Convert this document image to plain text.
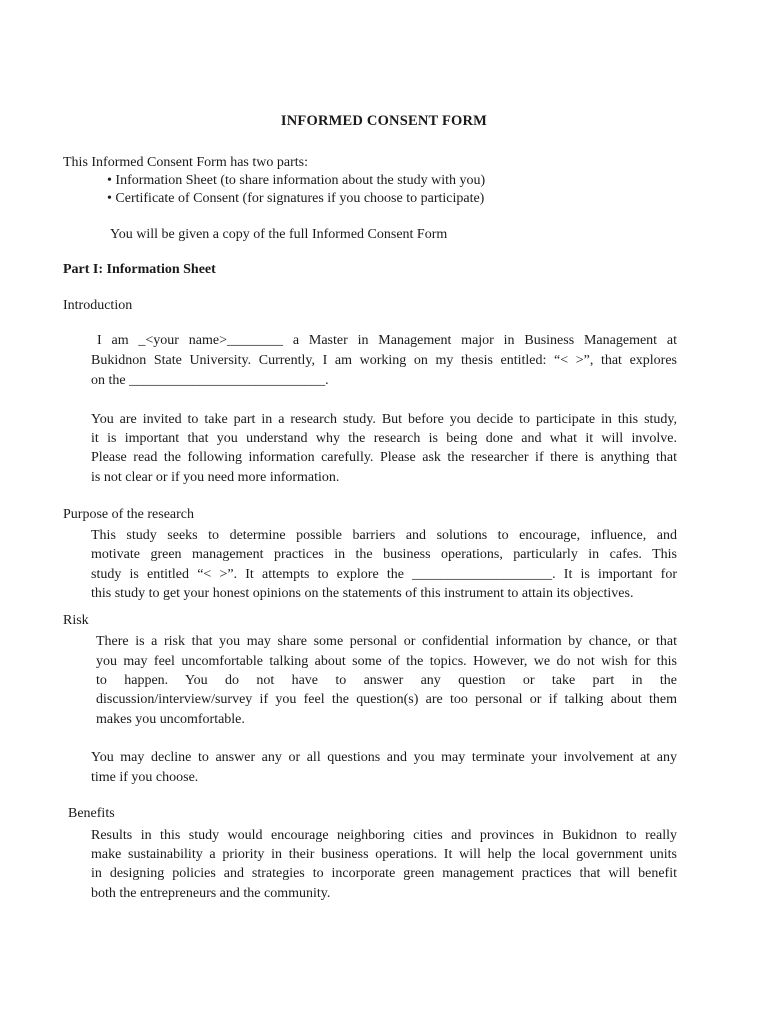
INFORMED CONSENT FORM
This Informed Consent Form has two parts:
• Information Sheet (to share information about the study with you)
• Certificate of Consent (for signatures if you choose to participate)
You will be given a copy of the full Informed Consent Form
Part I: Information Sheet
Introduction
I am _<your name>________ a Master in Management major in Business Management at
Bukidnon State University. Currently, I am working on my thesis entitled: “< >”, that explores
on the ____________________________.
You are invited to take part in a research study. But before you decide to participate in this study,
it is important that you understand why the research is being done and what it will involve.
Please read the following information carefully. Please ask the researcher if there is anything that
is not clear or if you need more information.
Purpose of the research
This study seeks to determine possible barriers and solutions to encourage, influence, and
motivate green management practices in the business operations, particularly in cafes. This
study is entitled “< >”. It attempts to explore the ____________________. It is important for
this study to get your honest opinions on the statements of this instrument to attain its objectives.
Risk
There is a risk that you may share some personal or confidential information by chance, or that
you may feel uncomfortable talking about some of the topics. However, we do not wish for this
to happen. You do not have to answer any question or take part in the
discussion/interview/survey if you feel the question(s) are too personal or if talking about them
makes you uncomfortable.
You may decline to answer any or all questions and you may terminate your involvement at any
time if you choose.
Benefits
Results in this study would encourage neighboring cities and provinces in Bukidnon to really
make sustainability a priority in their business operations. It will help the local government units
in designing policies and strategies to incorporate green management practices that will benefit
both the entrepreneurs and the community.
